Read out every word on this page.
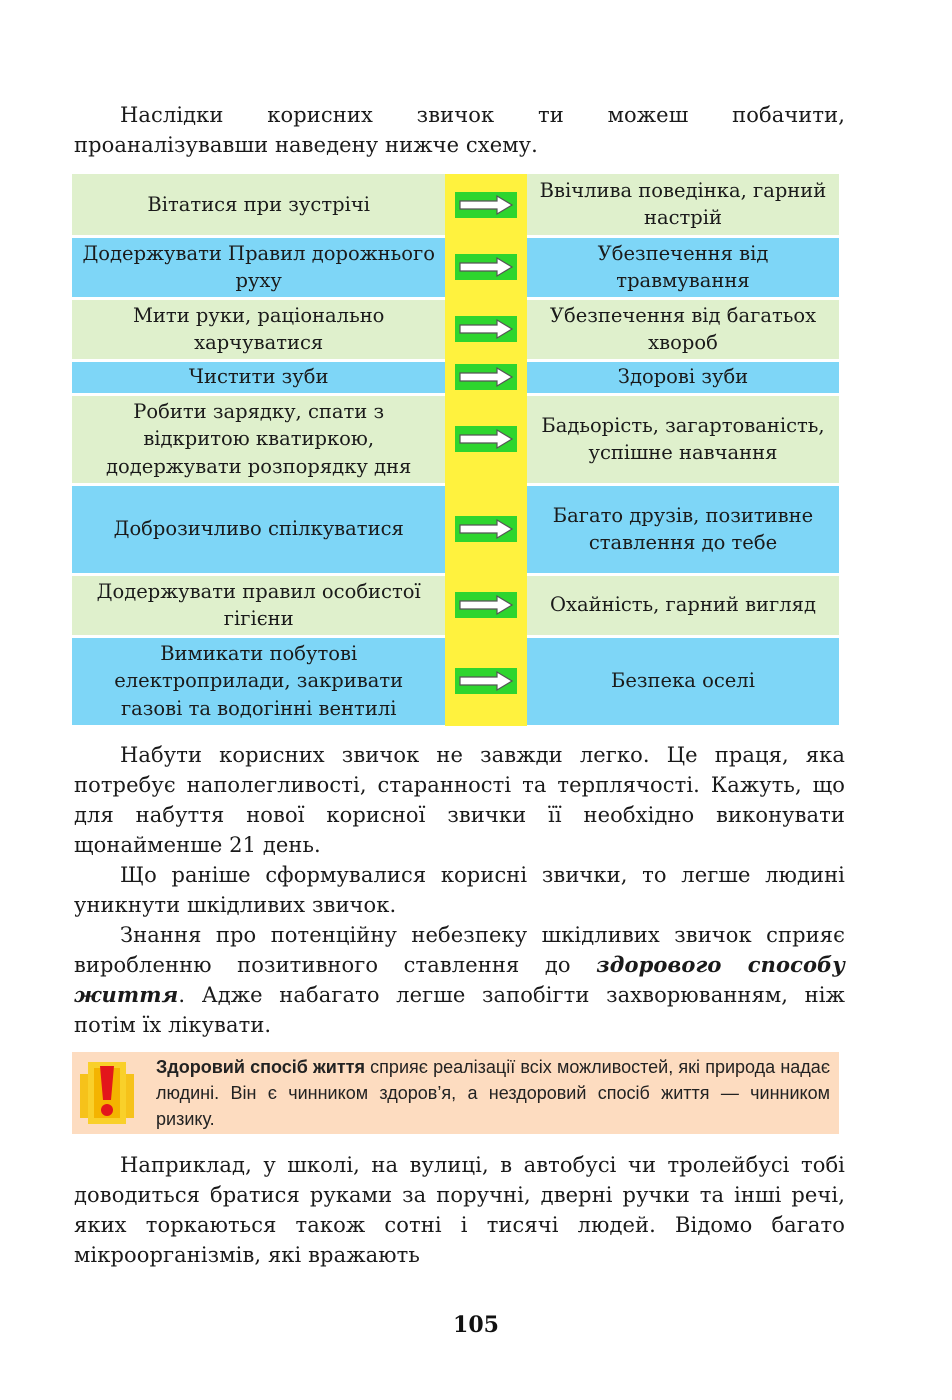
Наслідки корисних звичок ти можеш побачити, проаналізувавши наведену нижче схему.

Вітатися при зустрічі		Ввічлива поведінка, гарний настрій
Додержувати Правил дорожнього руху		Убезпечення від травмування
Мити руки, раціонально харчуватися		Убезпечення від багатьох хвороб
Чистити зуби		Здорові зуби
Робити зарядку, спати з відкритою кватиркою, додержувати розпорядку дня		Бадьорість, загартованість, успішне навчання
Доброзичливо спілкуватися		Багато друзів, позитивне ставлення до тебе
Додержувати правил особистої гігієни		Охайність, гарний вигляд
Вимикати побутові електроприлади, закривати газові та водогінні вентилі		Безпека оселі

Набути корисних звичок не завжди легко. Це праця, яка потребує наполегливості, старанності та терплячості. Кажуть, що для набуття нової корисної звички її необхідно виконувати щонайменше 21 день.

Що раніше сформувалися корисні звички, то легше людині уникнути шкідливих звичок.

Знання про потенційну небезпеку шкідливих звичок сприяє виробленню позитивного ставлення до здорового способу життя. Адже набагато легше запобігти захворюванням, ніж потім їх лікувати.

Здоровий спосіб життя сприяє реалізації всіх можливостей, які природа надає людині. Він є чинником здоров’я, а нездоровий спосіб життя — чинником ризику.

Наприклад, у школі, на вулиці, в автобусі чи тролейбусі тобі доводиться братися руками за поручні, дверні ручки та інші речі, яких торкаються також сотні і тисячі людей. Відомо багато мікроорганізмів, які вражають

105
